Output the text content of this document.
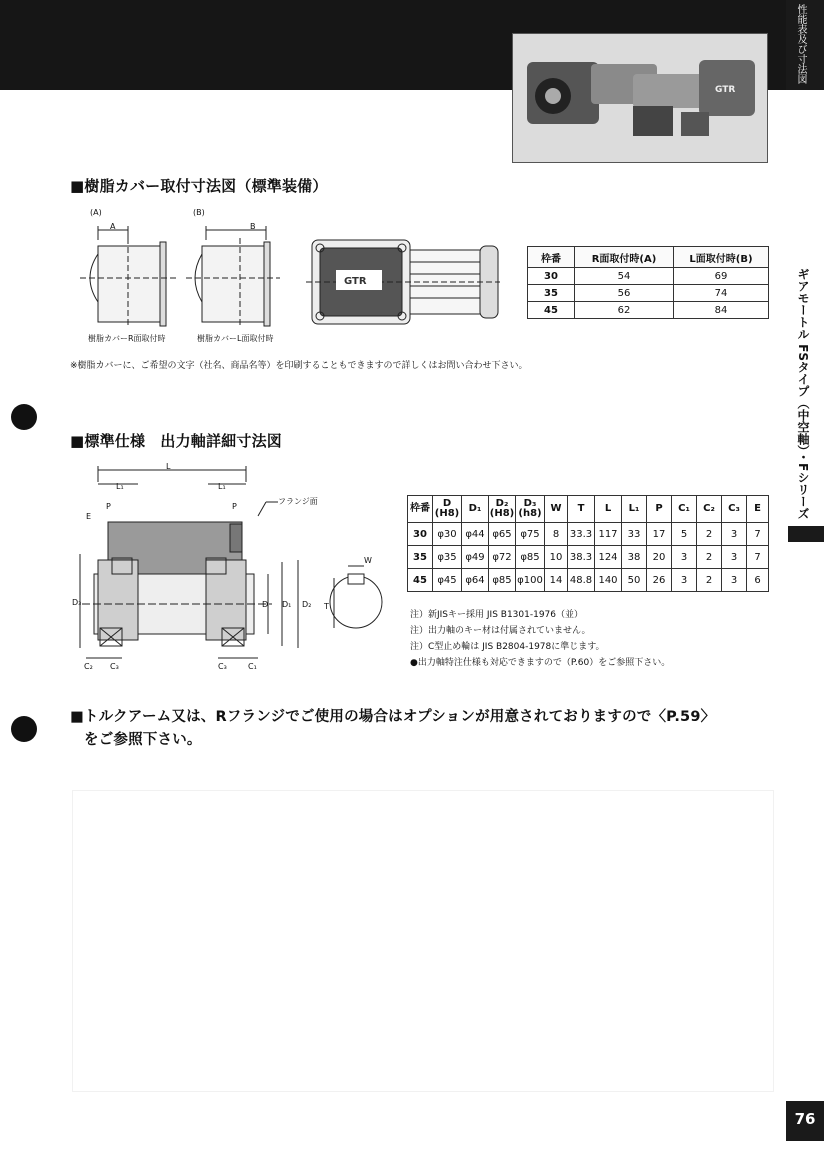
GTR
性能表及び寸法図
ギアモートル FSタイプ（中空軸）・Fシリーズ
76
■樹脂カバー取付寸法図（標準装備）
(A)	(B)
GTR
A	B
樹脂カバーR面取付時	樹脂カバーL面取付時
枠番	R面取付時(A)	L面取付時(B)
30	54	69
35	56	74
45	62	84
※樹脂カバーに、ご希望の文字（社名、商品名等）を印刷することもできますので詳しくはお問い合わせ下さい。
■標準仕様　出力軸詳細寸法図
L
L₁	L₁
P	P
E
D₃	D D₁ D₂
C₂ C₃	C₃	C₁
W
T
フランジ面
枠番	D (H8)	D₁	D₂ (H8)	D₃ (h8)	W	T	L	L₁	P	C₁	C₂	C₃	E
30	φ30	φ44	φ65	φ75	8	33.3	117	33	17	5	2	3	7
35	φ35	φ49	φ72	φ85	10	38.3	124	38	20	3	2	3	7
45	φ45	φ64	φ85	φ100	14	48.8	140	50	26	3	2	3	6
注）新JISキー採用 JIS B1301-1976（並）
注）出力軸のキー材は付属されていません。
注）C型止め輪は JIS B2804-1978に準じます。
●出力軸特注仕様も対応できますので（P.60）をご参照下さい。
■トルクアーム又は、Rフランジでご使用の場合はオプションが用意されておりますので〈P.59〉
をご参照下さい。
